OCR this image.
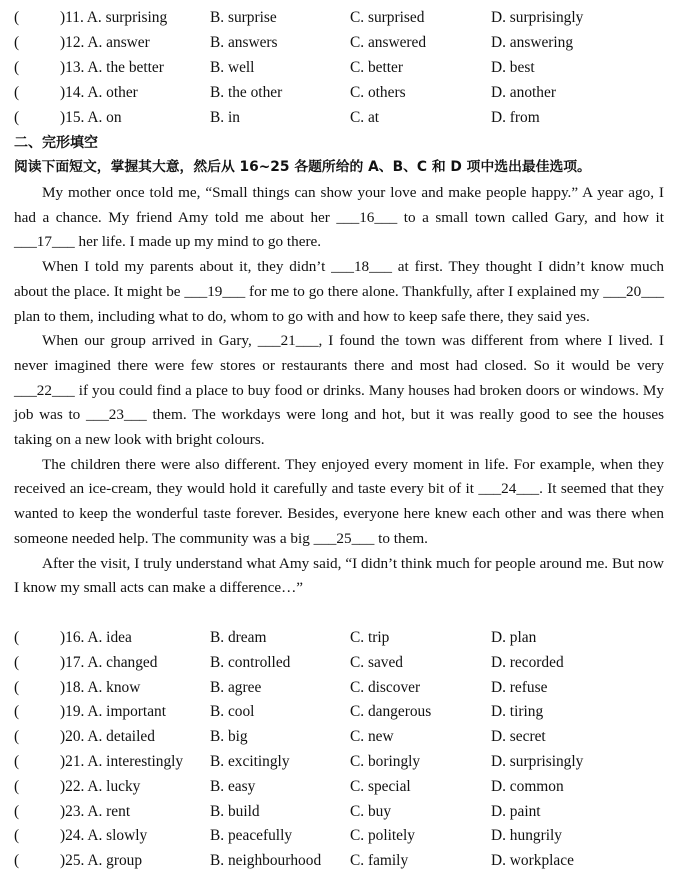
(	)11. A. surprising	B. surprise	C. surprised	D. surprisingly
(	)12. A. answer	B. answers	C. answered	D. answering
(	)13. A. the better	B. well	C. better	D. best
(	)14. A. other	B. the other	C. others	D. another
(	)15. A. on	B. in	C. at	D. from
二、完形填空
阅读下面短文，掌握其大意，然后从 16~25 各题所给的 A、B、C 和 D 项中选出最佳选项。

My mother once told me, “Small things can show your love and make people happy.” A year ago, I had a chance. My friend Amy told me about her ___16___ to a small town called Gary, and how it ___17___ her life. I made up my mind to go there.

When I told my parents about it, they didn’t ___18___ at first. They thought I didn’t know much about the place. It might be ___19___ for me to go there alone. Thankfully, after I explained my ___20___ plan to them, including what to do, whom to go with and how to keep safe there, they said yes.

When our group arrived in Gary, ___21___, I found the town was different from where I lived. I never imagined there were few stores or restaurants there and most had closed. So it would be very ___22___ if you could find a place to buy food or drinks. Many houses had broken doors or windows. My job was to ___23___ them. The workdays were long and hot, but it was really good to see the houses taking on a new look with bright colours.

The children there were also different. They enjoyed every moment in life. For example, when they received an ice-cream, they would hold it carefully and taste every bit of it ___24___. It seemed that they wanted to keep the wonderful taste forever. Besides, everyone here knew each other and was there when someone needed help. The community was a big ___25___ to them.

After the visit, I truly understand what Amy said, “I didn’t think much for people around me. But now I know my small acts can make a difference…”

(	)16. A. idea	B. dream	C. trip	D. plan
(	)17. A. changed	B. controlled	C. saved	D. recorded
(	)18. A. know	B. agree	C. discover	D. refuse
(	)19. A. important	B. cool	C. dangerous	D. tiring
(	)20. A. detailed	B. big	C. new	D. secret
(	)21. A. interestingly B. excitingly	C. boringly	D. surprisingly
(	)22. A. lucky	B. easy	C. special	D. common
(	)23. A. rent	B. build	C. buy	D. paint
(	)24. A. slowly	B. peacefully	C. politely	D. hungrily
(	)25. A. group	B. neighbourhood C. family	D. workplace
